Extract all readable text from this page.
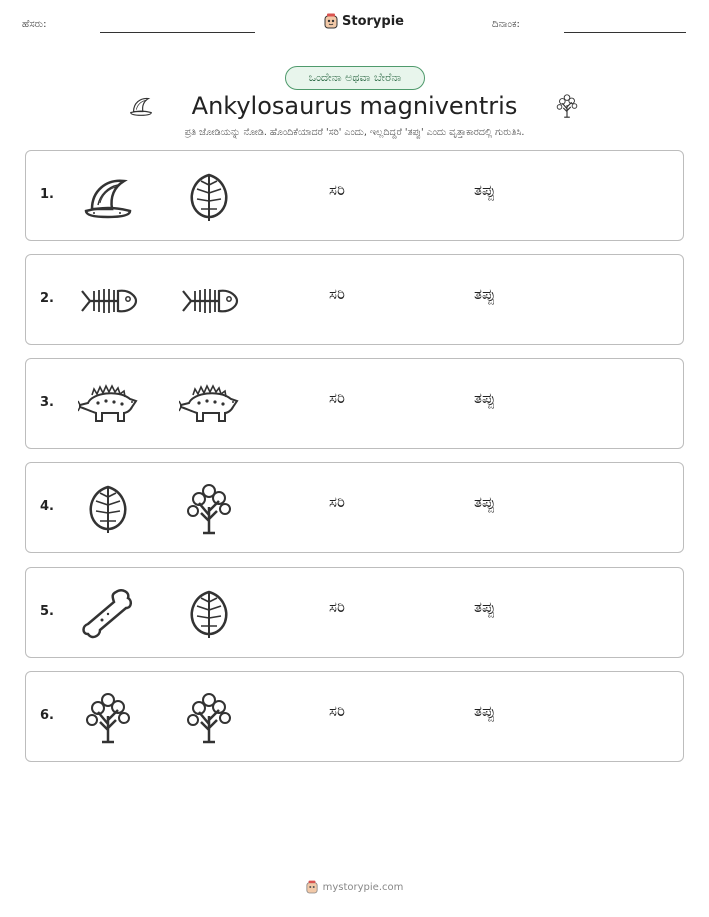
ಹೆಸರು:	Storypie	ದಿನಾಂಕ:
ಒಂದೇನಾ ಅಥವಾ ಬೇರೆನಾ
Ankylosaurus magniventris
ಪ್ರತಿ ಜೋಡಿಯನ್ನು ನೋಡಿ. ಹೊಂದಿಕೆಯಾದರೆ 'ಸರಿ' ಎಂದು, ಇಲ್ಲದಿದ್ದರೆ 'ತಪ್ಪು' ಎಂದು ವೃತ್ತಾಕಾರದಲ್ಲಿ ಗುರುತಿಸಿ.
1.	ಸರಿ	ತಪ್ಪು
2.	ಸರಿ	ತಪ್ಪು
3.	ಸರಿ	ತಪ್ಪು
4.	ಸರಿ	ತಪ್ಪು
5.	ಸರಿ	ತಪ್ಪು
6.	ಸರಿ	ತಪ್ಪು
mystorypie.com
